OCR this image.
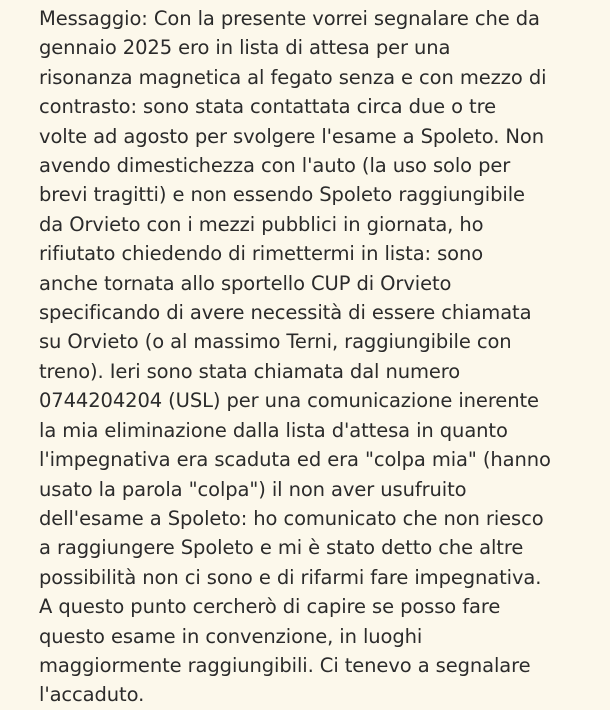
Messaggio: Con la presente vorrei segnalare che da
gennaio 2025 ero in lista di attesa per una
risonanza magnetica al fegato senza e con mezzo di
contrasto: sono stata contattata circa due o tre
volte ad agosto per svolgere l'esame a Spoleto. Non
avendo dimestichezza con l'auto (la uso solo per
brevi tragitti) e non essendo Spoleto raggiungibile
da Orvieto con i mezzi pubblici in giornata, ho
rifiutato chiedendo di rimettermi in lista: sono
anche tornata allo sportello CUP di Orvieto
specificando di avere necessità di essere chiamata
su Orvieto (o al massimo Terni, raggiungibile con
treno). Ieri sono stata chiamata dal numero
0744204204 (USL) per una comunicazione inerente
la mia eliminazione dalla lista d'attesa in quanto
l'impegnativa era scaduta ed era "colpa mia" (hanno
usato la parola "colpa") il non aver usufruito
dell'esame a Spoleto: ho comunicato che non riesco
a raggiungere Spoleto e mi è stato detto che altre
possibilità non ci sono e di rifarmi fare impegnativa.
A questo punto cercherò di capire se posso fare
questo esame in convenzione, in luoghi
maggiormente raggiungibili. Ci tenevo a segnalare
l'accaduto.
